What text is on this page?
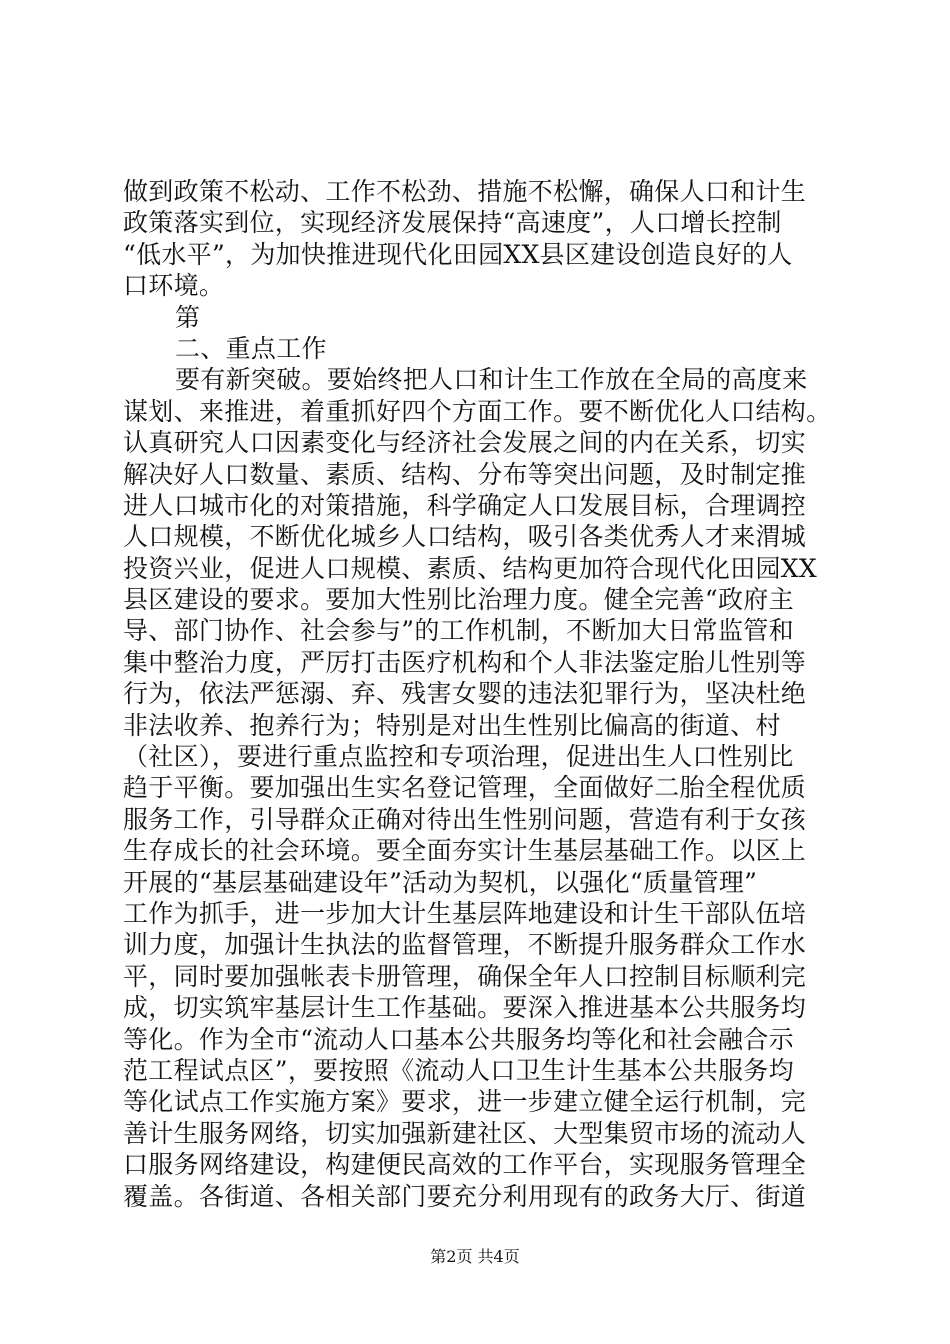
做到政策不松动、工作不松劲、措施不松懈，确保人口和计生
政策落实到位，实现经济发展保持“高速度”，人口增长控制
“低水平”，为加快推进现代化田园XX县区建设创造良好的人
口环境。
第
二、重点工作
要有新突破。要始终把人口和计生工作放在全局的高度来
谋划、来推进，着重抓好四个方面工作。要不断优化人口结构。
认真研究人口因素变化与经济社会发展之间的内在关系，切实
解决好人口数量、素质、结构、分布等突出问题，及时制定推
进人口城市化的对策措施，科学确定人口发展目标，合理调控
人口规模，不断优化城乡人口结构，吸引各类优秀人才来渭城
投资兴业，促进人口规模、素质、结构更加符合现代化田园XX
县区建设的要求。要加大性别比治理力度。健全完善“政府主
导、部门协作、社会参与”的工作机制，不断加大日常监管和
集中整治力度，严厉打击医疗机构和个人非法鉴定胎儿性别等
行为，依法严惩溺、弃、残害女婴的违法犯罪行为，坚决杜绝
非法收养、抱养行为；特别是对出生性别比偏高的街道、村
（社区），要进行重点监控和专项治理，促进出生人口性别比
趋于平衡。要加强出生实名登记管理，全面做好二胎全程优质
服务工作，引导群众正确对待出生性别问题，营造有利于女孩
生存成长的社会环境。要全面夯实计生基层基础工作。以区上
开展的“基层基础建设年”活动为契机，以强化“质量管理”
工作为抓手，进一步加大计生基层阵地建设和计生干部队伍培
训力度，加强计生执法的监督管理，不断提升服务群众工作水
平，同时要加强帐表卡册管理，确保全年人口控制目标顺利完
成，切实筑牢基层计生工作基础。要深入推进基本公共服务均
等化。作为全市“流动人口基本公共服务均等化和社会融合示
范工程试点区”，要按照《流动人口卫生计生基本公共服务均
等化试点工作实施方案》要求，进一步建立健全运行机制，完
善计生服务网络，切实加强新建社区、大型集贸市场的流动人
口服务网络建设，构建便民高效的工作平台，实现服务管理全
覆盖。各街道、各相关部门要充分利用现有的政务大厅、街道
第2页 共4页
